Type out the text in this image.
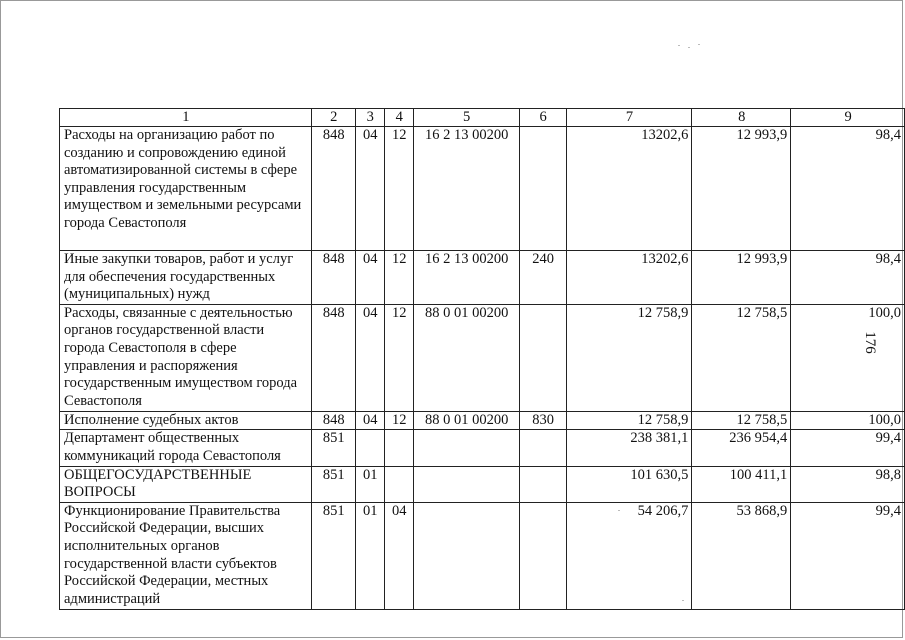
1	2	3	4	5	6	7	8	9
Расходы на организацию работ по созданию и сопровождению единой автоматизированной системы в сфере управления государственным имуществом и земельными ресурсами города Севастополя	848	04	12	16 2 13 00200		13202,6	12 993,9	98,4
Иные закупки товаров, работ и услуг для обеспечения государственных (муниципальных) нужд	848	04	12	16 2 13 00200	240	13202,6	12 993,9	98,4
Расходы, связанные с деятельностью органов государственной власти города Севастополя в сфере управления и распоряжения государственным имуществом города Севастополя	848	04	12	88 0 01 00200		12 758,9	12 758,5	100,0
Исполнение судебных актов	848	04	12	88 0 01 00200	830	12 758,9	12 758,5	100,0
Департамент общественных коммуникаций города Севастополя	851					238 381,1	236 954,4	99,4
ОБЩЕГОСУДАРСТВЕННЫЕ ВОПРОСЫ	851	01				101 630,5	100 411,1	98,8
Функционирование Правительства Российской Федерации, высших исполнительных органов государственной власти субъектов Российской Федерации, местных администраций	851	01	04			54 206,7	53 868,9	99,4
176
